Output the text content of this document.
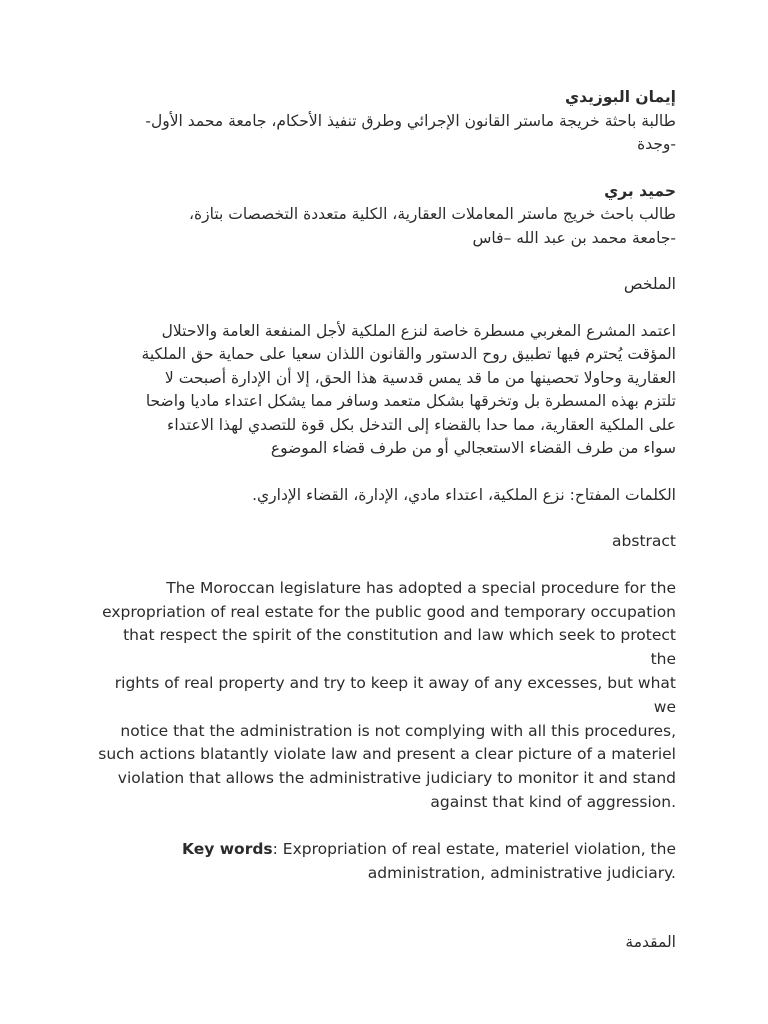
إيمان البوزيدي

طالبة باحثة خريجة ماستر القانون الإجرائي وطرق تنفيذ الأحكام، جامعة محمد الأول-

-وجدة

حميد بري

طالب باحث خريج ماستر المعاملات العقارية، الكلية متعددة التخصصات بتازة،

-جامعة محمد بن عبد الله –فاس

الملخص

اعتمد المشرع المغربي مسطرة خاصة لنزع الملكية لأجل المنفعة العامة والاحتلال

المؤقت يُحترم فيها تطبيق روح الدستور والقانون اللذان سعيا على حماية حق الملكية

العقارية وحاولا تحصينها من ما قد يمس قدسية هذا الحق، إلا أن الإدارة أصبحت لا

تلتزم بهذه المسطرة بل وتخرقها بشكل متعمد وسافر مما يشكل اعتداء ماديا واضحا

على الملكية العقارية، مما حدا بالقضاء إلى التدخل بكل قوة للتصدي لهذا الاعتداء

سواء من طرف القضاء الاستعجالي أو من طرف قضاء الموضوع

.الكلمات المفتاح: نزع الملكية، اعتداء مادي، الإدارة، القضاء الإداري
abstract

The Moroccan legislature has adopted a special procedure for the

expropriation of real estate for the public good and temporary occupation

that respect the spirit of the constitution and law which seek to protect the

rights of real property and try to keep it away of any excesses, but what we

notice that the administration is not complying with all this procedures,

such actions blatantly violate law and present a clear picture of a materiel

violation that allows the administrative judiciary to monitor it and stand

against that kind of aggression.

Key words: Expropriation of real estate, materiel violation, the

administration, administrative judiciary.

المقدمة
